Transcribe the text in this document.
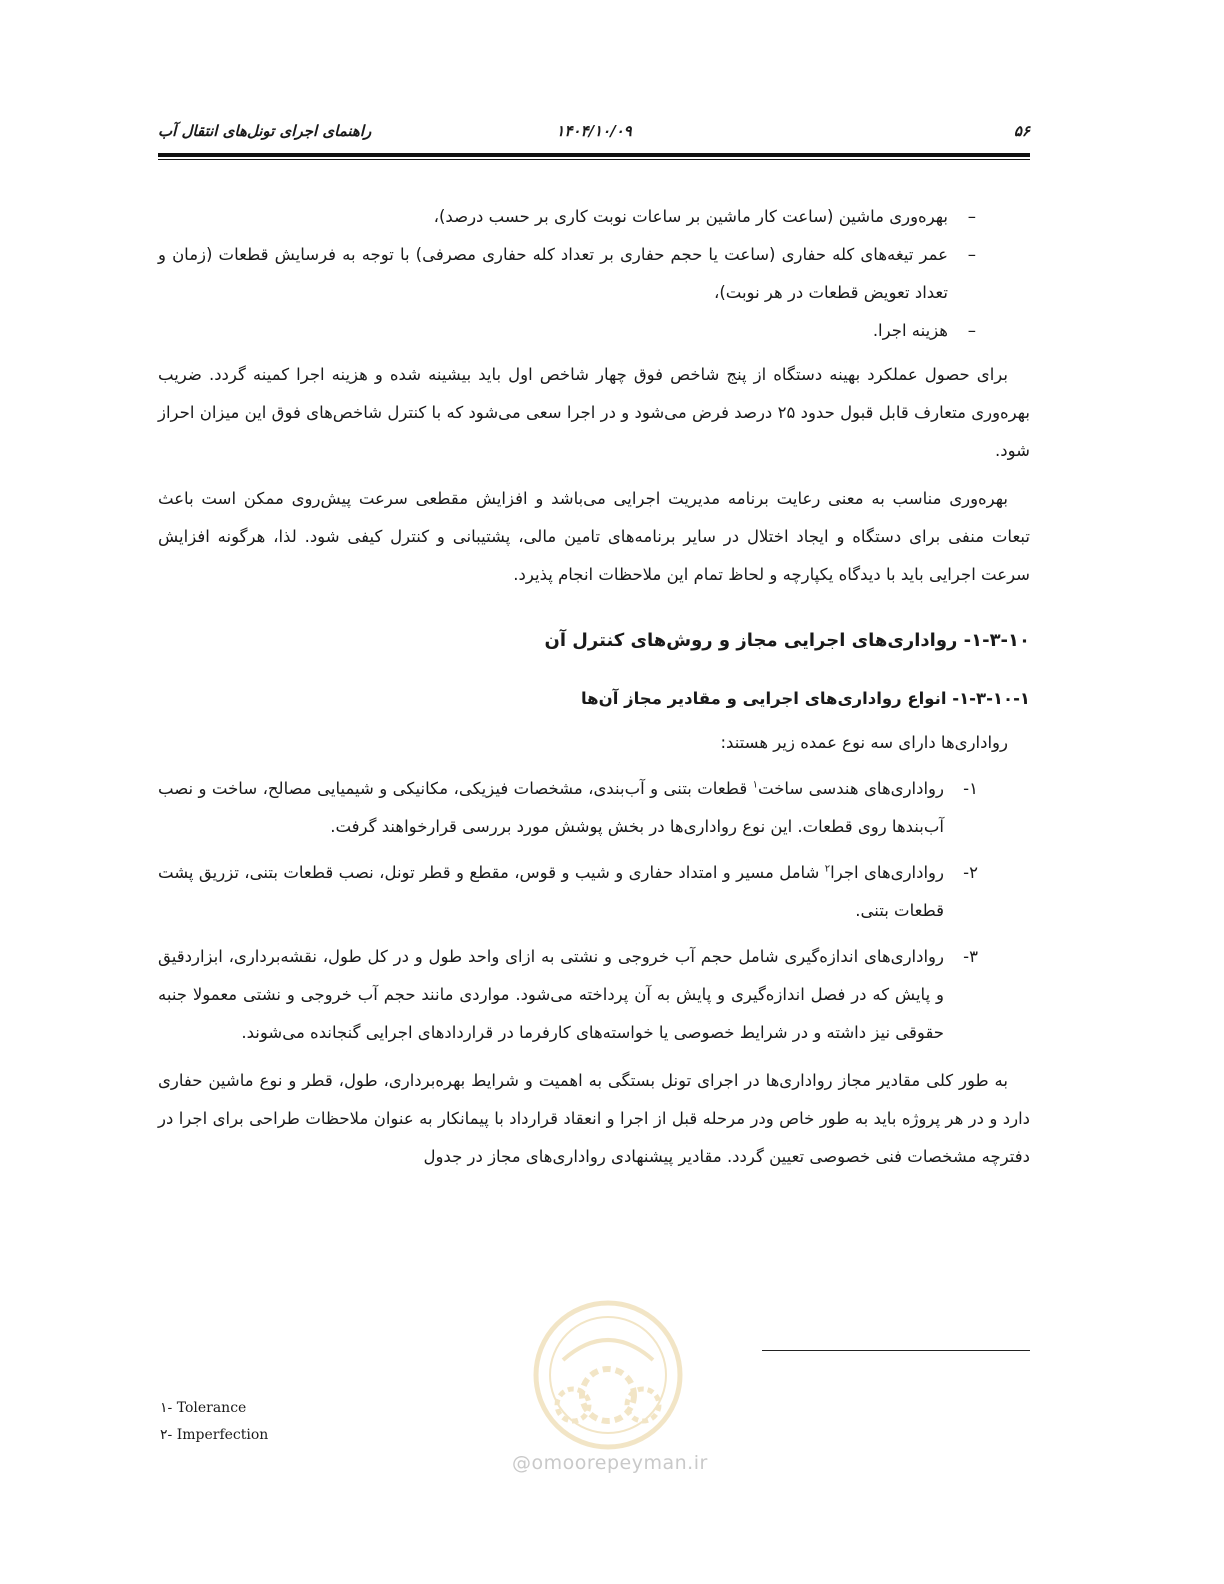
۵۶
۱۴۰۴/۱۰/۰۹
راهنمای اجرای تونل‌های انتقال آب

–
بهره‌وری ماشین (ساعت کار ماشین بر ساعات نوبت کاری بر حسب درصد)،

–
عمر تیغه‌های کله حفاری (ساعت یا حجم حفاری بر تعداد کله حفاری مصرفی) با توجه به فرسایش قطعات (زمان و تعداد تعویض قطعات در هر نوبت)،

–
هزینه اجرا.

برای حصول عملکرد بهینه دستگاه از پنج شاخص فوق چهار شاخص اول باید بیشینه شده و هزینه اجرا کمینه گردد. ضریب بهره‌وری متعارف قابل قبول حدود ۲۵ درصد فرض می‌شود و در اجرا سعی می‌شود که با کنترل شاخص‌های فوق این میزان احراز شود.

بهره‌وری مناسب به معنی رعایت برنامه مدیریت اجرایی می‌باشد و افزایش مقطعی سرعت پیش‌روی ممکن است باعث تبعات منفی برای دستگاه و ایجاد اختلال در سایر برنامه‌های تامین مالی، پشتیبانی و کنترل کیفی شود. لذا، هرگونه افزایش سرعت اجرایی باید با دیدگاه یکپارچه و لحاظ تمام این ملاحظات انجام پذیرد.

۱-۳-۱۰- رواداری‌های اجرایی مجاز و روش‌های کنترل آن
۱-۳-۱۰-۱- انواع رواداری‌های اجرایی و مقادیر مجاز آن‌ها

رواداری‌ها دارای سه نوع عمده زیر هستند:

۱-
رواداری‌های هندسی ساخت$^۱$ قطعات بتنی و آب‌بندی، مشخصات فیزیکی، مکانیکی و شیمیایی مصالح، ساخت و نصب آب‌بندها روی قطعات. این نوع رواداری‌ها در بخش پوشش مورد بررسی قرارخواهند گرفت.

۲-
رواداری‌های اجرا$^۲$ شامل مسیر و امتداد حفاری و شیب و قوس، مقطع و قطر تونل، نصب قطعات بتنی، تزریق پشت قطعات بتنی.

۳-
رواداری‌های اندازه‌گیری شامل حجم آب خروجی و نشتی به ازای واحد طول و در کل طول، نقشه‌برداری، ابزاردقیق و پایش که در فصل اندازه‌گیری و پایش به آن پرداخته می‌شود. مواردی مانند حجم آب خروجی و نشتی معمولا جنبه حقوقی نیز داشته و در شرایط خصوصی یا خواسته‌های کارفرما در قراردادهای اجرایی گنجانده می‌شوند.

به طور کلی مقادیر مجاز رواداری‌ها در اجرای تونل بستگی به اهمیت و شرایط بهره‌برداری، طول، قطر و نوع ماشین حفاری دارد و در هر پروژه باید به طور خاص ودر مرحله قبل از اجرا و انعقاد قرارداد با پیمانکار به عنوان ملاحظات طراحی برای اجرا در دفترچه مشخصات فنی خصوصی تعیین گردد. مقادیر پیشنهادی رواداری‌های مجاز در جدول

۱- Tolerance
۲- Imperfection
@omoorepeyman.ir
